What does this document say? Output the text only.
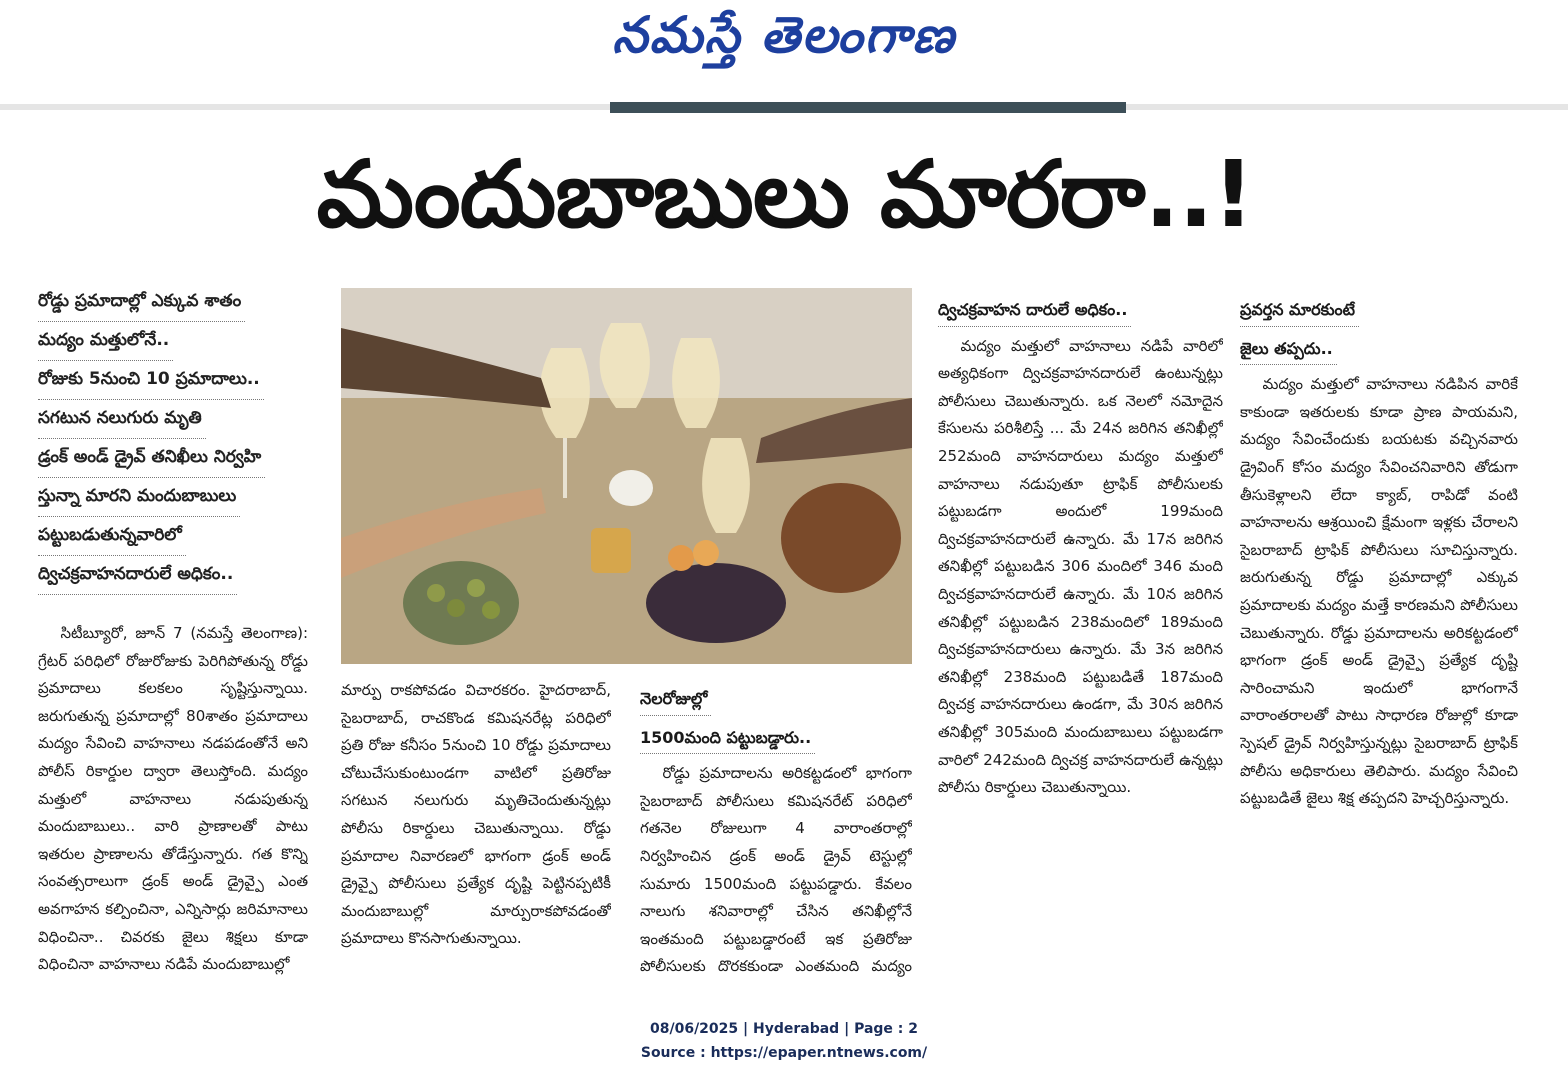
నమస్తే తెలంగాణ
మందుబాబులు మారరా..!
రోడ్డు ప్రమాదాల్లో ఎక్కువ శాతం
మద్యం మత్తులోనే..
రోజుకు 5నుంచి 10 ప్రమాదాలు..
సగటున నలుగురు మృతి
డ్రంక్ అండ్ డ్రైవ్ తనిఖీలు నిర్వహి
స్తున్నా మారని మందుబాబులు
పట్టుబడుతున్నవారిలో
ద్విచక్రవాహనదారులే అధికం..

సిటీబ్యూరో, జూన్ 7 (నమస్తే తెలంగాణ): గ్రేటర్ పరిధిలో రోజురోజుకు పెరిగిపోతున్న రోడ్డు ప్రమాదాలు కలకలం సృష్టిస్తున్నాయి. జరుగుతున్న ప్రమాదాల్లో 80శాతం ప్రమాదాలు మద్యం సేవించి వాహనాలు నడపడంతోనే అని పోలీస్ రికార్డుల ద్వారా తెలుస్తోంది. మద్యం మత్తులో వాహనాలు నడుపుతున్న మందుబాబులు.. వారి ప్రాణాలతో పాటు ఇతరుల ప్రాణాలను తోడేస్తున్నారు. గత కొన్ని సంవత్సరాలుగా డ్రంక్ అండ్ డ్రైవ్పై ఎంత అవగాహన కల్పించినా, ఎన్నిసార్లు జరిమానాలు విధించినా.. చివరకు జైలు శిక్షలు కూడా విధించినా వాహనాలు నడిపే మందుబాబుల్లో

మార్పు రాకపోవడం విచారకరం. హైదరాబాద్, సైబరాబాద్, రాచకొండ కమిషనరేట్ల పరిధిలో ప్రతి రోజు కనీసం 5నుంచి 10 రోడ్డు ప్రమాదాలు చోటుచేసుకుంటుండగా వాటిలో ప్రతిరోజు సగటున నలుగురు మృతిచెందుతున్నట్లు పోలీసు రికార్డులు చెబుతున్నాయి. రోడ్డు ప్రమాదాల నివారణలో భాగంగా డ్రంక్ అండ్ డ్రైవ్పై పోలీసులు ప్రత్యేక దృష్టి పెట్టినప్పటికీ మందుబాబుల్లో మార్పురాకపోవడంతో ప్రమాదాలు కొనసాగుతున్నాయి.

నెలరోజుల్లో
1500మంది పట్టుబడ్డారు..

రోడ్డు ప్రమాదాలను అరికట్టడంలో భాగంగా సైబరాబాద్ పోలీసులు కమిషనరేట్ పరిధిలో గతనెల రోజులుగా 4 వారాంతరాల్లో నిర్వహించిన డ్రంక్ అండ్ డ్రైవ్ టెస్టుల్లో సుమారు 1500మంది పట్టుపడ్డారు. కేవలం నాలుగు శనివారాల్లో చేసిన తనిఖీల్లోనే ఇంతమంది పట్టుబడ్డారంటే ఇక ప్రతిరోజు పోలీసులకు దొరకకుండా ఎంతమంది మద్యం

ద్విచక్రవాహన దారులే అధికం..

మద్యం మత్తులో వాహనాలు నడిపే వారిలో అత్యధికంగా ద్విచక్రవాహనదారులే ఉంటున్నట్లు పోలీసులు చెబుతున్నారు. ఒక నెలలో నమోదైన కేసులను పరిశీలిస్తే ... మే 24న జరిగిన తనిఖీల్లో 252మంది వాహనదారులు మద్యం మత్తులో వాహనాలు నడుపుతూ ట్రాఫిక్ పోలీసులకు పట్టుబడగా అందులో 199మంది ద్విచక్రవాహనదారులే ఉన్నారు. మే 17న జరిగిన తనిఖీల్లో పట్టుబడిన 306 మందిలో 346 మంది ద్విచక్రవాహనదారులే ఉన్నారు. మే 10న జరిగిన తనిఖీల్లో పట్టుబడిన 238మందిలో 189మంది ద్విచక్రవాహనదారులు ఉన్నారు. మే 3న జరిగిన తనిఖీల్లో 238మంది పట్టుబడితే 187మంది ద్విచక్ర వాహనదారులు ఉండగా, మే 30న జరిగిన తనిఖీల్లో 305మంది మందుబాబులు పట్టుబడగా వారిలో 242మంది ద్విచక్ర వాహనదారులే ఉన్నట్లు పోలీసు రికార్డులు చెబుతున్నాయి.

ప్రవర్తన మారకుంటే
జైలు తప్పదు..

మద్యం మత్తులో వాహనాలు నడిపిన వారికే కాకుండా ఇతరులకు కూడా ప్రాణ పాయమని, మద్యం సేవించేందుకు బయటకు వచ్చినవారు డ్రైవింగ్ కోసం మద్యం సేవించనివారిని తోడుగా తీసుకెళ్లాలని లేదా క్యాబ్, రాపిడో వంటి వాహనాలను ఆశ్రయించి క్షేమంగా ఇళ్లకు చేరాలని సైబరాబాద్ ట్రాఫిక్ పోలీసులు సూచిస్తున్నారు. జరుగుతున్న రోడ్డు ప్రమాదాల్లో ఎక్కువ ప్రమాదాలకు మద్యం మత్తే కారణమని పోలీసులు చెబుతున్నారు. రోడ్డు ప్రమాదాలను అరికట్టడంలో భాగంగా డ్రంక్ అండ్ డ్రైవ్పై ప్రత్యేక దృష్టి సారించామని ఇందులో భాగంగానే వారాంతరాలతో పాటు సాధారణ రోజుల్లో కూడా స్పెషల్ డ్రైవ్ నిర్వహిస్తున్నట్లు సైబరాబాద్ ట్రాఫిక్ పోలీసు అధికారులు తెలిపారు. మద్యం సేవించి పట్టుబడితే జైలు శిక్ష తప్పదని హెచ్చరిస్తున్నారు.

08/06/2025 | Hyderabad | Page : 2
Source : https://epaper.ntnews.com/
